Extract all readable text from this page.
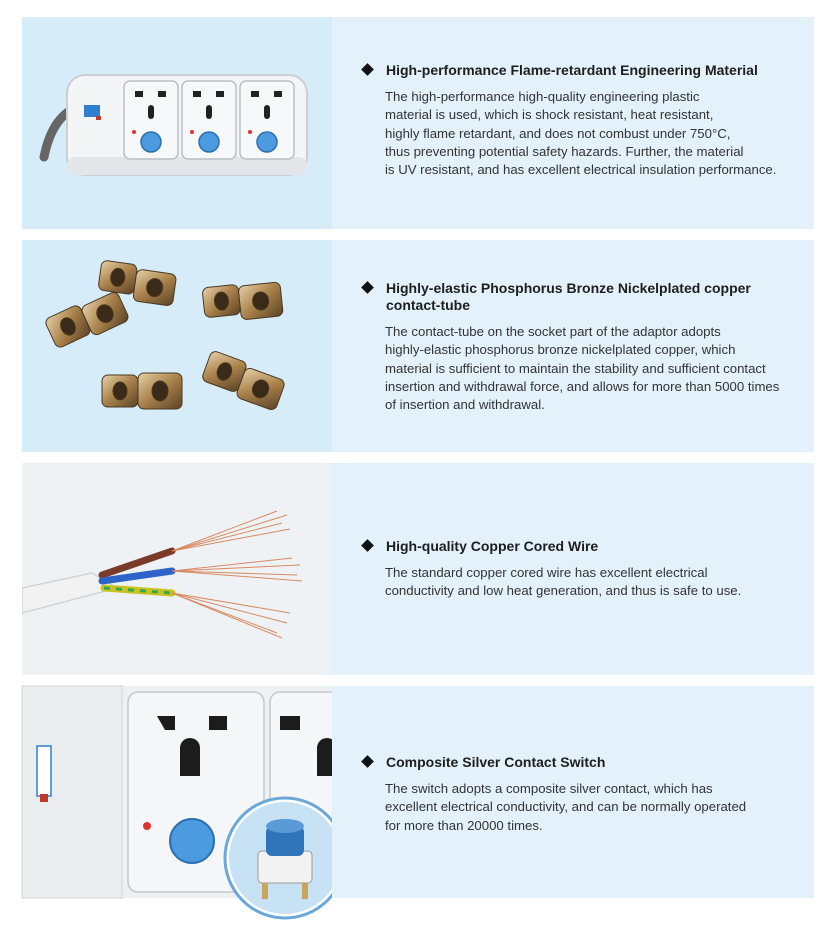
High-performance Flame-retardant Engineering Material
The high-performance high-quality engineering plastic
material is used, which is shock resistant, heat resistant,
highly flame retardant, and does not combust under 750°C,
thus preventing potential safety hazards. Further, the material
is UV resistant, and has excellent electrical insulation performance.
Highly-elastic Phosphorus Bronze Nickelplated copper
contact-tube
The contact-tube on the socket part of the adaptor adopts
highly-elastic phosphorus bronze nickelplated copper, which
material is sufficient to maintain the stability and sufficient contact
insertion and withdrawal force, and allows for more than 5000 times
of insertion and withdrawal.
High-quality Copper Cored Wire
The standard copper cored wire has excellent electrical
conductivity and low heat generation, and thus is safe to use.
Composite Silver Contact Switch
The switch adopts a composite silver contact, which has
excellent electrical conductivity, and can be normally operated
for more than 20000 times.
